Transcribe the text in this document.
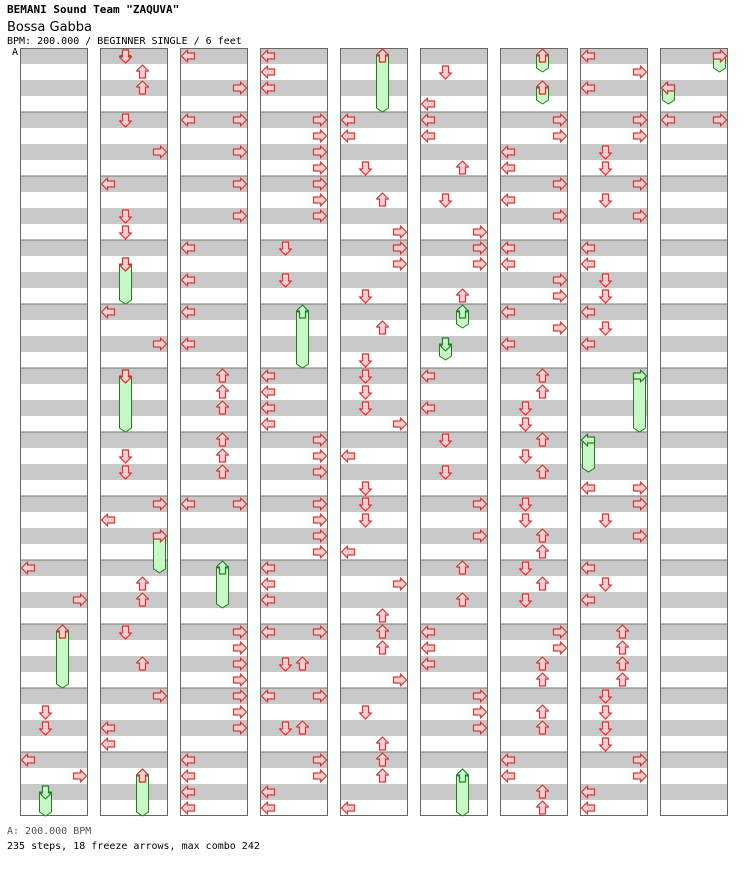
BEMANI Sound Team "ZAQUVA"
Bossa Gabba
BPM: 200.000 / BEGINNER SINGLE / 6 feet
A
A: 200.000 BPM
235 steps, 18 freeze arrows, max combo 242
